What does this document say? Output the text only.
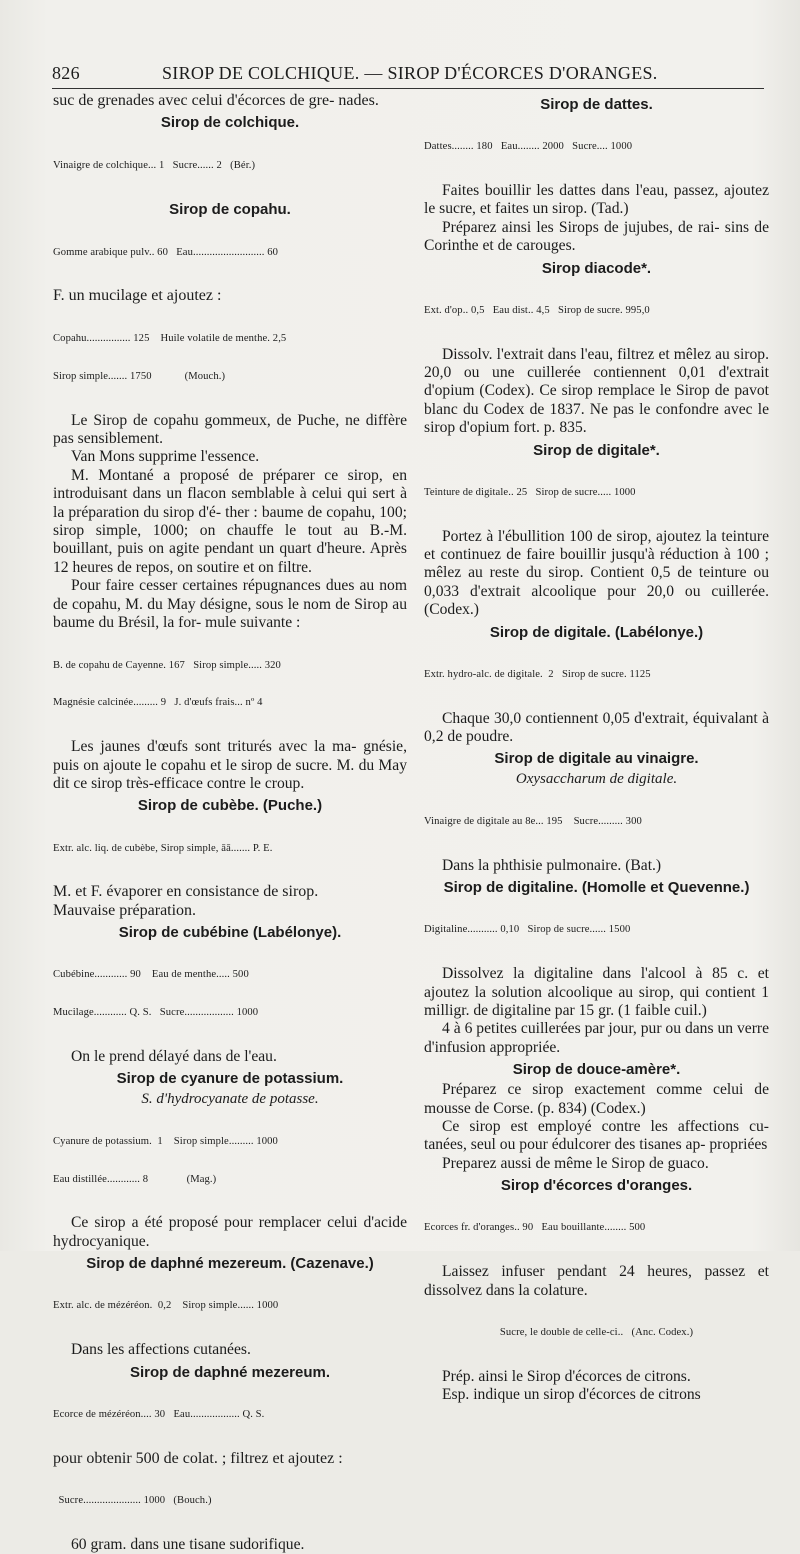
826	SIROP DE COLCHIQUE. — SIROP D'ÉCORCES D'ORANGES.

suc de grenades avec celui d'écorces de gre- nades.

Sirop de colchique.

Vinaigre de colchique... 1   Sucre...... 2   (Bér.)

Sirop de copahu.

Gomme arabique pulv.. 60   Eau.......................... 60

F. un mucilage et ajoutez :

Copahu................ 125    Huile volatile de menthe. 2,5

Sirop simple....... 1750            (Mouch.)

Le Sirop de copahu gommeux, de Puche, ne diffère pas sensiblement.

Van Mons supprime l'essence.

M. Montané a proposé de préparer ce sirop, en introduisant dans un flacon semblable à celui qui sert à la préparation du sirop d'é- ther : baume de copahu, 100; sirop simple, 1000; on chauffe le tout au B.-M. bouillant, puis on agite pendant un quart d'heure. Après 12 heures de repos, on soutire et on filtre.

Pour faire cesser certaines répugnances dues au nom de copahu, M. du May désigne, sous le nom de Sirop au baume du Brésil, la for- mule suivante :

B. de copahu de Cayenne. 167   Sirop simple..... 320

Magnésie calcinée......... 9   J. d'œufs frais... nº 4

Les jaunes d'œufs sont triturés avec la ma- gnésie, puis on ajoute le copahu et le sirop de sucre. M. du May dit ce sirop très-efficace contre le croup.

Sirop de cubèbe. (Puche.)

Extr. alc. liq. de cubèbe, Sirop simple, āā....... P. E.

M. et F. évaporer en consistance de sirop.

Mauvaise préparation.

Sirop de cubébine (Labélonye).

Cubébine............ 90    Eau de menthe..... 500

Mucilage............ Q. S.   Sucre.................. 1000

On le prend délayé dans de l'eau.

Sirop de cyanure de potassium.
S. d'hydrocyanate de potasse.

Cyanure de potassium.  1    Sirop simple......... 1000

Eau distillée............ 8              (Mag.)

Ce sirop a été proposé pour remplacer celui d'acide hydrocyanique.

Sirop de daphné mezereum. (Cazenave.)

Extr. alc. de mézéréon.  0,2    Sirop simple...... 1000

Dans les affections cutanées.

Sirop de daphné mezereum.

Ecorce de mézéréon.... 30   Eau.................. Q. S.

pour obtenir 500 de colat. ; filtrez et ajoutez :

Sucre..................... 1000   (Bouch.)

60 gram. dans une tisane sudorifique.

Sirop de dattes.

Dattes........ 180   Eau........ 2000   Sucre.... 1000

Faites bouillir les dattes dans l'eau, passez, ajoutez le sucre, et faites un sirop. (Tad.)

Préparez ainsi les Sirops de jujubes, de rai- sins de Corinthe et de carouges.

Sirop diacode*.

Ext. d'op.. 0,5   Eau dist.. 4,5   Sirop de sucre. 995,0

Dissolv. l'extrait dans l'eau, filtrez et mêlez au sirop. 20,0 ou une cuillerée contiennent 0,01 d'extrait d'opium (Codex). Ce sirop remplace le Sirop de pavot blanc du Codex de 1837. Ne pas le confondre avec le sirop d'opium fort. p. 835.

Sirop de digitale*.

Teinture de digitale.. 25   Sirop de sucre..... 1000

Portez à l'ébullition 100 de sirop, ajoutez la teinture et continuez de faire bouillir jusqu'à réduction à 100 ; mêlez au reste du sirop. Contient 0,5 de teinture ou 0,033 d'extrait alcoolique pour 20,0 ou cuillerée. (Codex.)

Sirop de digitale. (Labélonye.)

Extr. hydro-alc. de digitale.  2   Sirop de sucre. 1125

Chaque 30,0 contiennent 0,05 d'extrait, équivalant à 0,2 de poudre.

Sirop de digitale au vinaigre.
Oxysaccharum de digitale.

Vinaigre de digitale au 8e... 195    Sucre......... 300

Dans la phthisie pulmonaire. (Bat.)

Sirop de digitaline. (Homolle et Quevenne.)

Digitaline........... 0,10   Sirop de sucre...... 1500

Dissolvez la digitaline dans l'alcool à 85 c. et ajoutez la solution alcoolique au sirop, qui contient 1 milligr. de digitaline par 15 gr. (1 faible cuil.)

4 à 6 petites cuillerées par jour, pur ou dans un verre d'infusion appropriée.

Sirop de douce-amère*.

Préparez ce sirop exactement comme celui de mousse de Corse. (p. 834) (Codex.)

Ce sirop est employé contre les affections cu- tanées, seul ou pour édulcorer des tisanes ap- propriées

Preparez aussi de même le Sirop de guaco.

Sirop d'écorces d'oranges.

Ecorces fr. d'oranges.. 90   Eau bouillante........ 500

Laissez infuser pendant 24 heures, passez et dissolvez dans la colature.

Sucre, le double de celle-ci..   (Anc. Codex.)

Prép. ainsi le Sirop d'écorces de citrons.

Esp. indique un sirop d'écorces de citrons
